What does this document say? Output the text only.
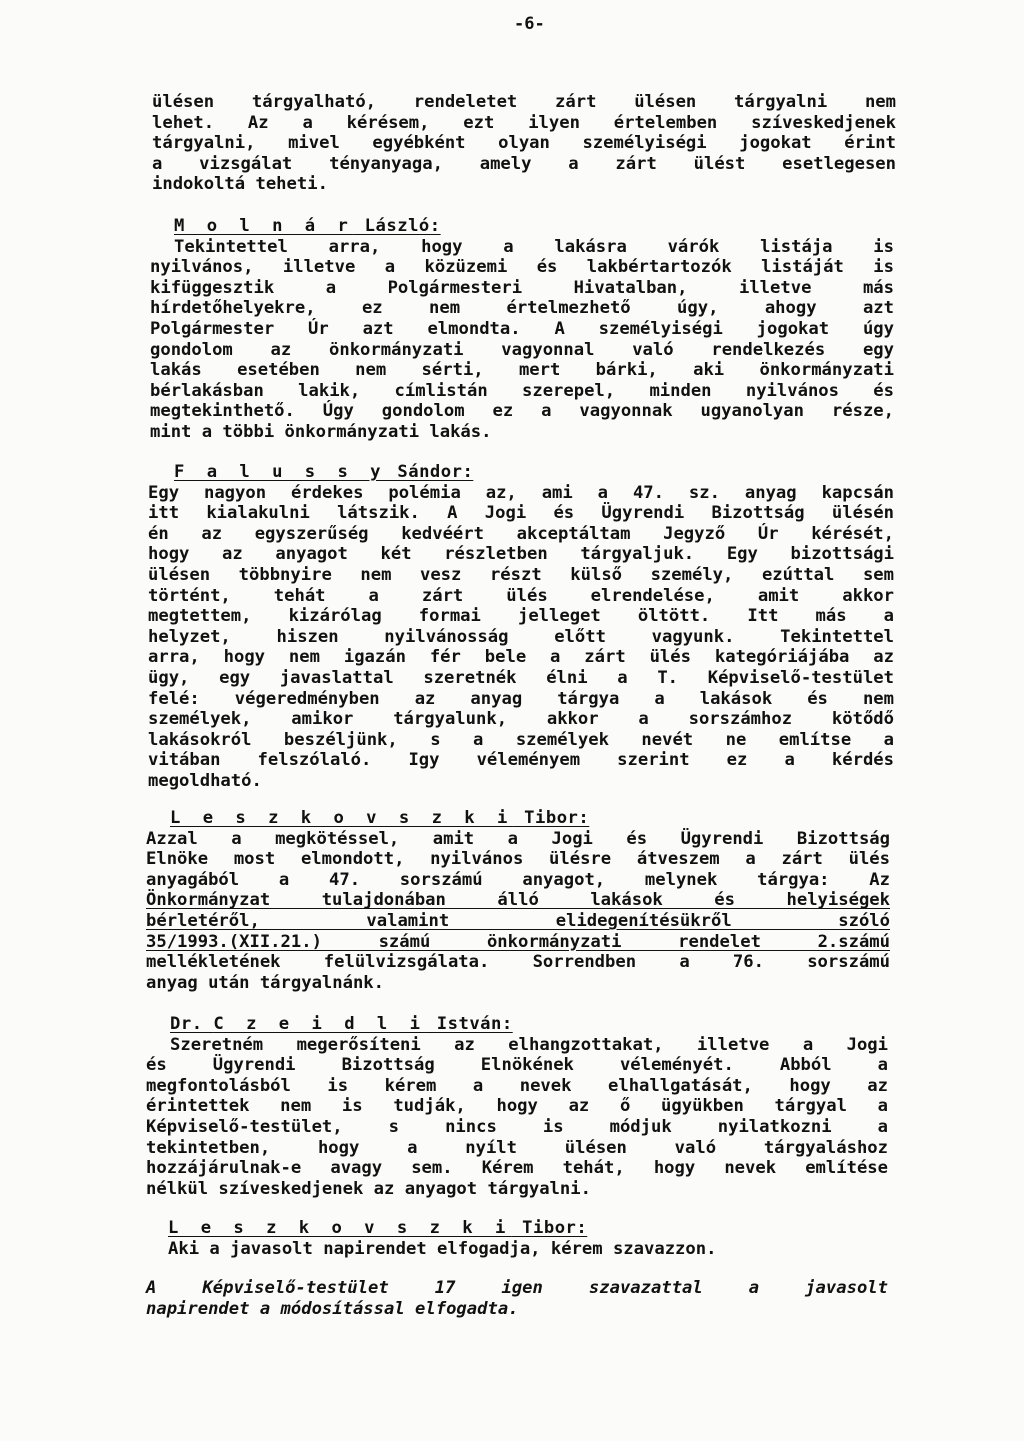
-6-
ülésen tárgyalható, rendeletet zárt ülésen tárgyalni nem
lehet. Az a kérésem, ezt ilyen értelemben szíveskedjenek
tárgyalni, mivel egyébként olyan személyiségi jogokat érint
a vizsgálat tényanyaga, amely a zárt ülést esetlegesen
indokoltá teheti.
M o l n á r László:
Tekintettel arra, hogy a lakásra várók listája is
nyilvános, illetve a közüzemi és lakbértartozók listáját is
kifüggesztik a Polgármesteri Hivatalban, illetve más
hírdetőhelyekre, ez nem értelmezhető úgy, ahogy azt
Polgármester Úr azt elmondta. A személyiségi jogokat úgy
gondolom az önkormányzati vagyonnal való rendelkezés egy
lakás esetében nem sérti, mert bárki, aki önkormányzati
bérlakásban lakik, címlistán szerepel, minden nyilvános és
megtekinthető. Úgy gondolom ez a vagyonnak ugyanolyan része,
mint a többi önkormányzati lakás.
F a l u s s y Sándor:
Egy nagyon érdekes polémia az, ami a 47. sz. anyag kapcsán
itt kialakulni látszik. A Jogi és Ügyrendi Bizottság ülésén
én az egyszerűség kedvéért akceptáltam Jegyző Úr kérését,
hogy az anyagot két részletben tárgyaljuk. Egy bizottsági
ülésen többnyire nem vesz részt külső személy, ezúttal sem
történt, tehát a zárt ülés elrendelése, amit akkor
megtettem, kizárólag formai jelleget öltött. Itt más a
helyzet, hiszen nyilvánosság előtt vagyunk. Tekintettel
arra, hogy nem igazán fér bele a zárt ülés kategóriájába az
ügy, egy javaslattal szeretnék élni a T. Képviselő-testület
felé: végeredményben az anyag tárgya a lakások és nem
személyek, amikor tárgyalunk, akkor a sorszámhoz kötődő
lakásokról beszéljünk, s a személyek nevét ne említse a
vitában felszólaló. Igy véleményem szerint ez a kérdés
megoldható.
L e s z k o v s z k i Tibor:
Azzal a megkötéssel, amit a Jogi és Ügyrendi Bizottság
Elnöke most elmondott, nyilvános ülésre átveszem a zárt ülés
anyagából a 47. sorszámú anyagot, melynek tárgya: Az
Önkormányzat tulajdonában álló lakások és helyiségek
bérletéről, valamint elidegenítésükről szóló
35/1993.(XII.21.) számú önkormányzati rendelet 2.számú
mellékletének felülvizsgálata. Sorrendben a 76. sorszámú
anyag után tárgyalnánk.
Dr. C z e i d l i István:
Szeretném megerősíteni az elhangzottakat, illetve a Jogi
és Ügyrendi Bizottság Elnökének véleményét. Abból a
megfontolásból is kérem a nevek elhallgatását, hogy az
érintettek nem is tudják, hogy az ő ügyükben tárgyal a
Képviselő-testület, s nincs is módjuk nyilatkozni a
tekintetben, hogy a nyílt ülésen való tárgyaláshoz
hozzájárulnak-e avagy sem. Kérem tehát, hogy nevek említése
nélkül szíveskedjenek az anyagot tárgyalni.
L e s z k o v s z k i Tibor:
Aki a javasolt napirendet elfogadja, kérem szavazzon.
A Képviselő-testület 17 igen szavazattal a javasolt
napirendet a módosítással elfogadta.
